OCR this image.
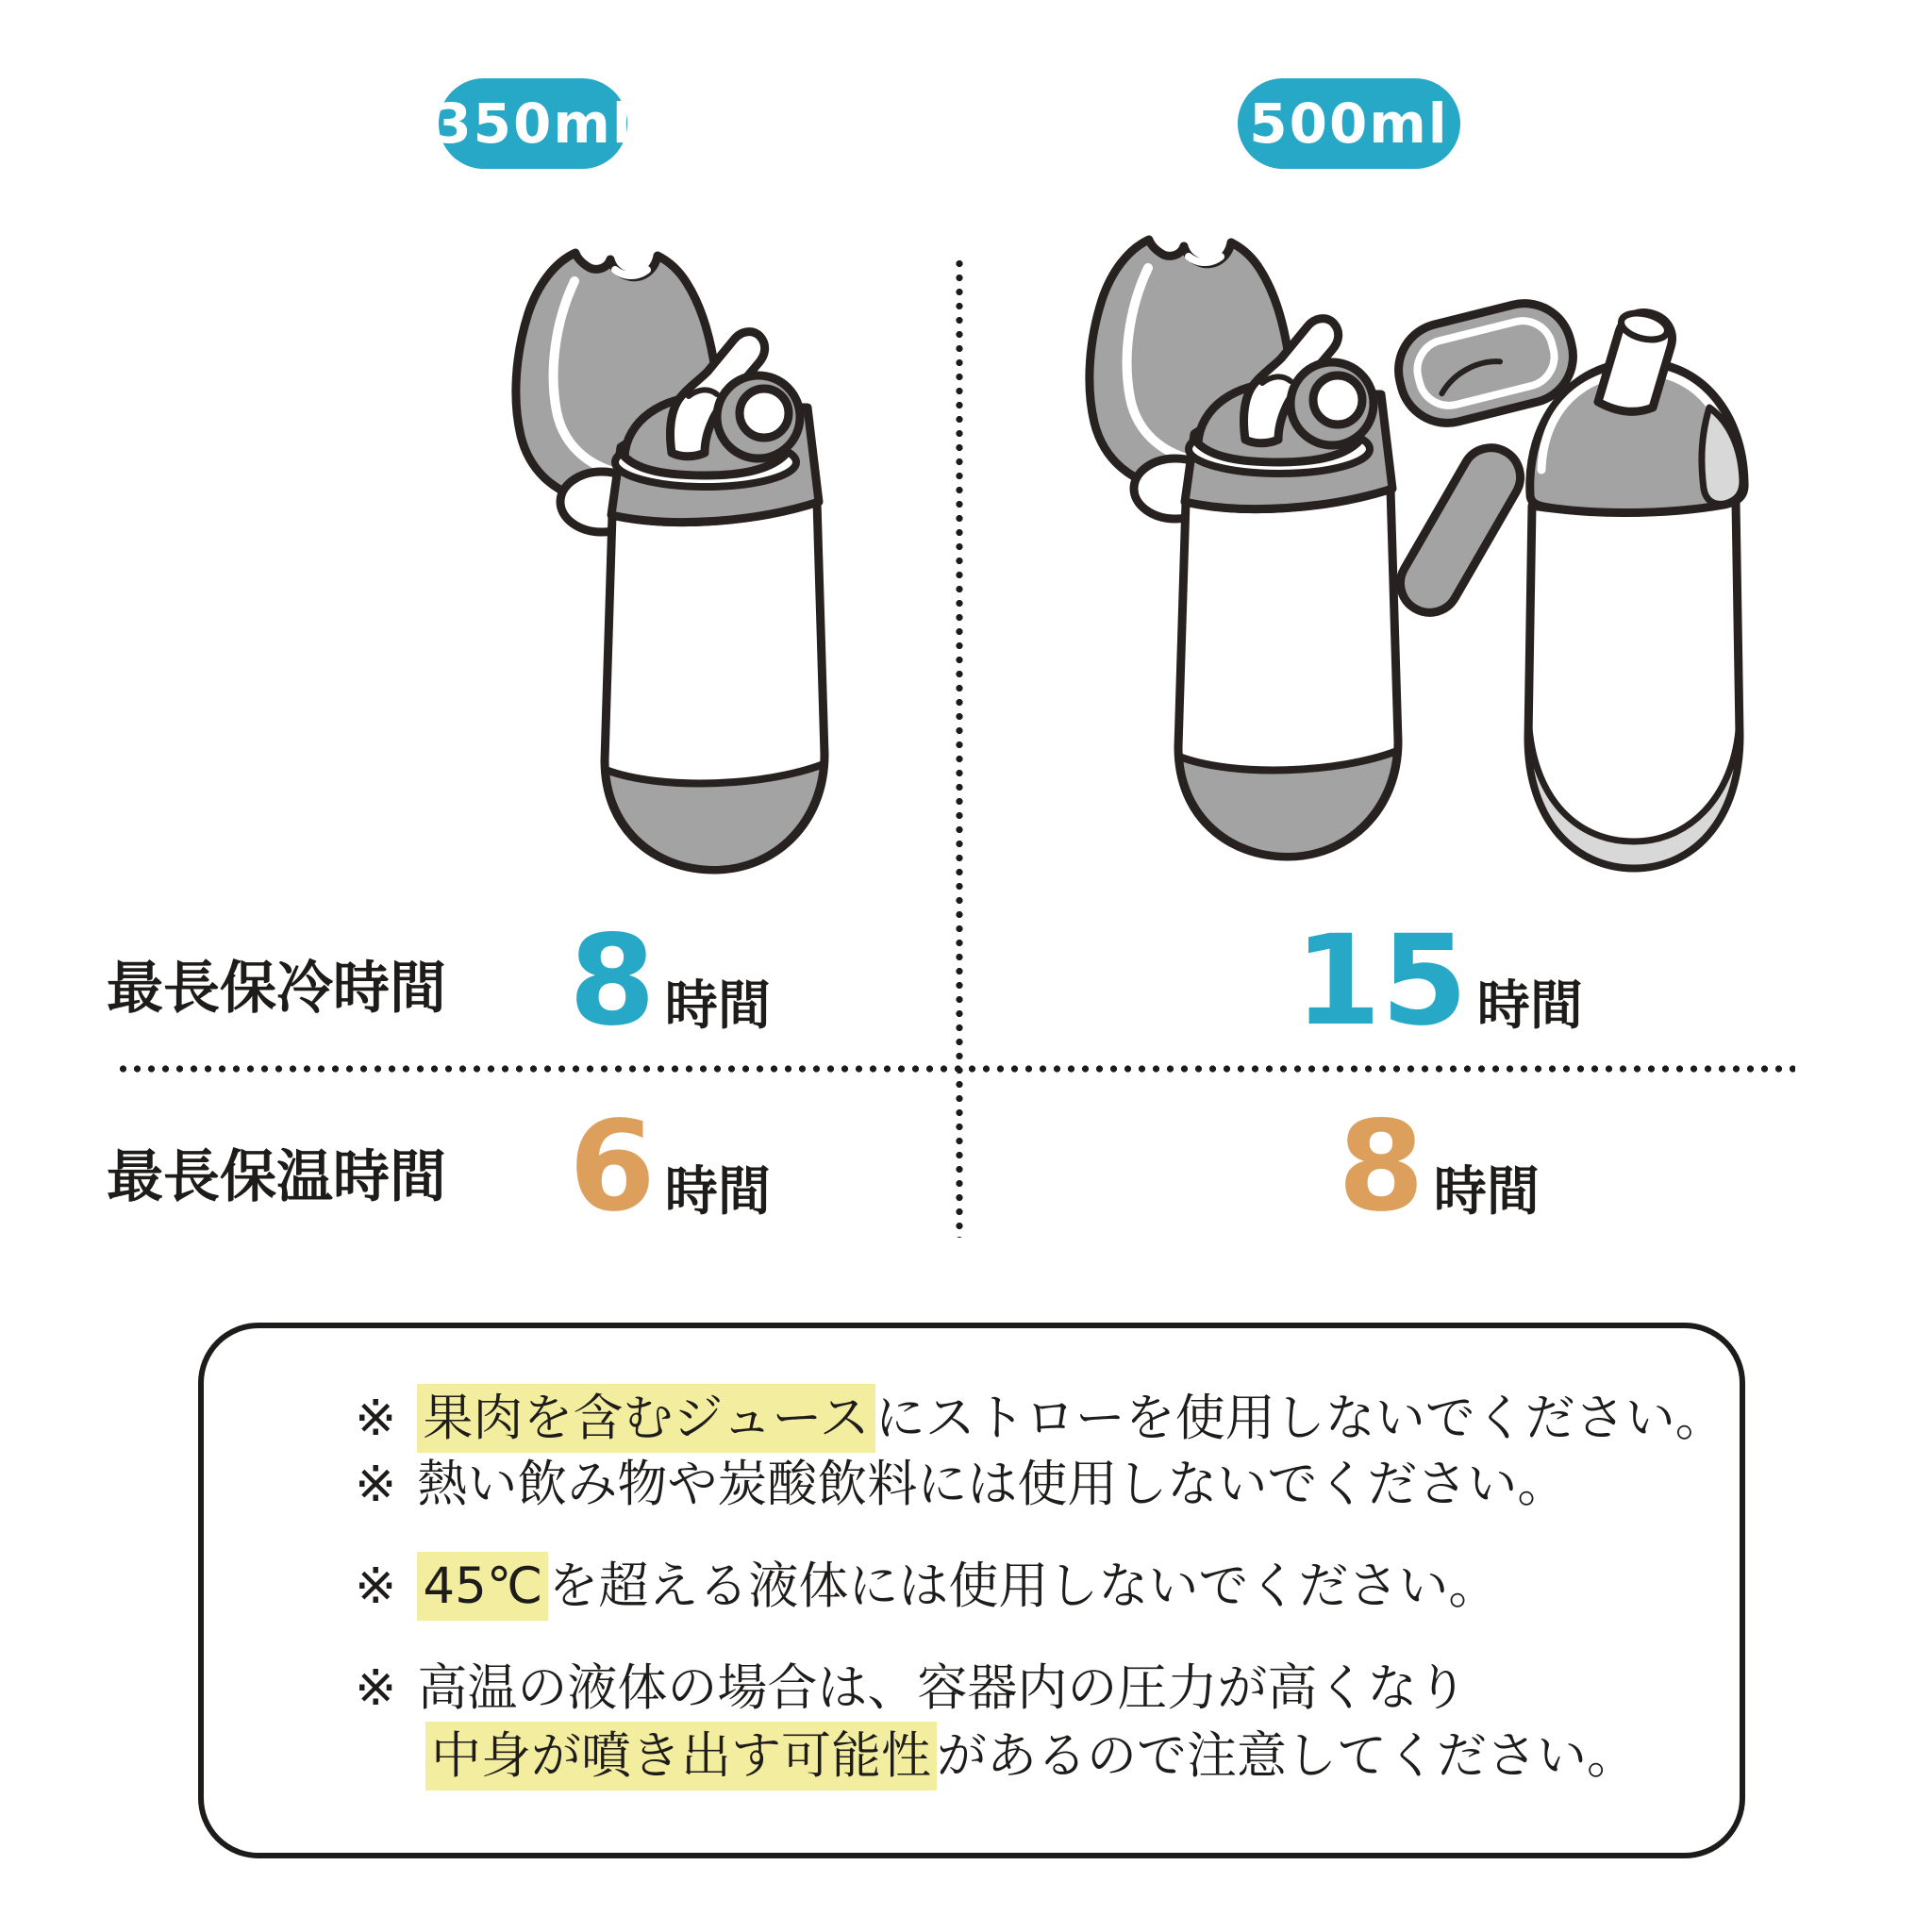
350ml	500ml
最長保冷時間 8 時間	15 時間
最長保温時間 6 時間	8 時間
※ 果肉を含むジュース にストローを使用しないでください。
※ 熱い飲み物や炭酸飲料には使用しないでください。
※ 45℃ を超える液体には使用しないでください。
※ 高温の液体の場合は、容器内の圧力が高くなり
中身が噴き出す可能性 があるので注意してください。
